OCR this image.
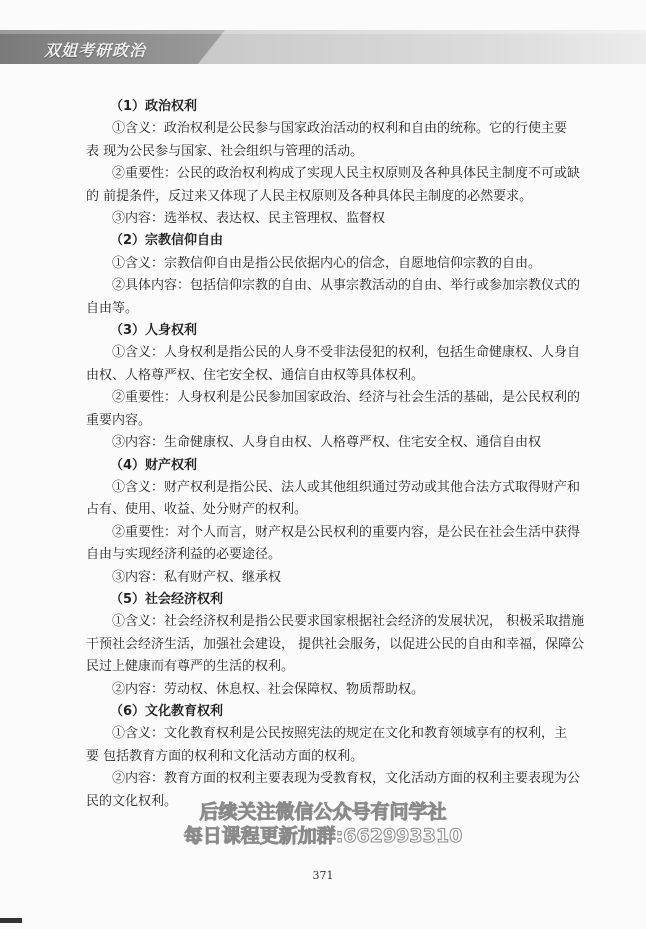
双姐考研政治
（1）政治权利
①含义：政治权利是公民参与国家政治活动的权利和自由的统称。它的行使主要
表 现为公民参与国家、社会组织与管理的活动。
②重要性：公民的政治权利构成了实现人民主权原则及各种具体民主制度不可或缺
的 前提条件，反过来又体现了人民主权原则及各种具体民主制度的必然要求。
③内容：选举权、表达权、民主管理权、监督权
（2）宗教信仰自由
①含义：宗教信仰自由是指公民依据内心的信念，自愿地信仰宗教的自由。
②具体内容：包括信仰宗教的自由、从事宗教活动的自由、举行或参加宗教仪式的
自由等。
（3）人身权利
①含义：人身权利是指公民的人身不受非法侵犯的权利，包括生命健康权、人身自
由权、人格尊严权、住宅安全权、通信自由权等具体权利。
②重要性：人身权利是公民参加国家政治、经济与社会生活的基础，是公民权利的
重要内容。
③内容：生命健康权、人身自由权、人格尊严权、住宅安全权、通信自由权
（4）财产权利
①含义：财产权利是指公民、法人或其他组织通过劳动或其他合法方式取得财产和
占有、使用、收益、处分财产的权利。
②重要性：对个人而言，财产权是公民权利的重要内容，是公民在社会生活中获得
自由与实现经济利益的必要途径。
③内容：私有财产权、继承权
（5）社会经济权利
①含义：社会经济权利是指公民要求国家根据社会经济的发展状况， 积极采取措施
干预社会经济生活，加强社会建设， 提供社会服务，以促进公民的自由和幸福，保障公
民过上健康而有尊严的生活的权利。
②内容：劳动权、休息权、社会保障权、物质帮助权。
（6）文化教育权利
①含义：文化教育权利是公民按照宪法的规定在文化和教育领域享有的权利，主
要 包括教育方面的权利和文化活动方面的权利。
②内容：教育方面的权利主要表现为受教育权，文化活动方面的权利主要表现为公
民的文化权利。	后续关注微信公众号有问学社
每日课程更新加群:662993310
371
